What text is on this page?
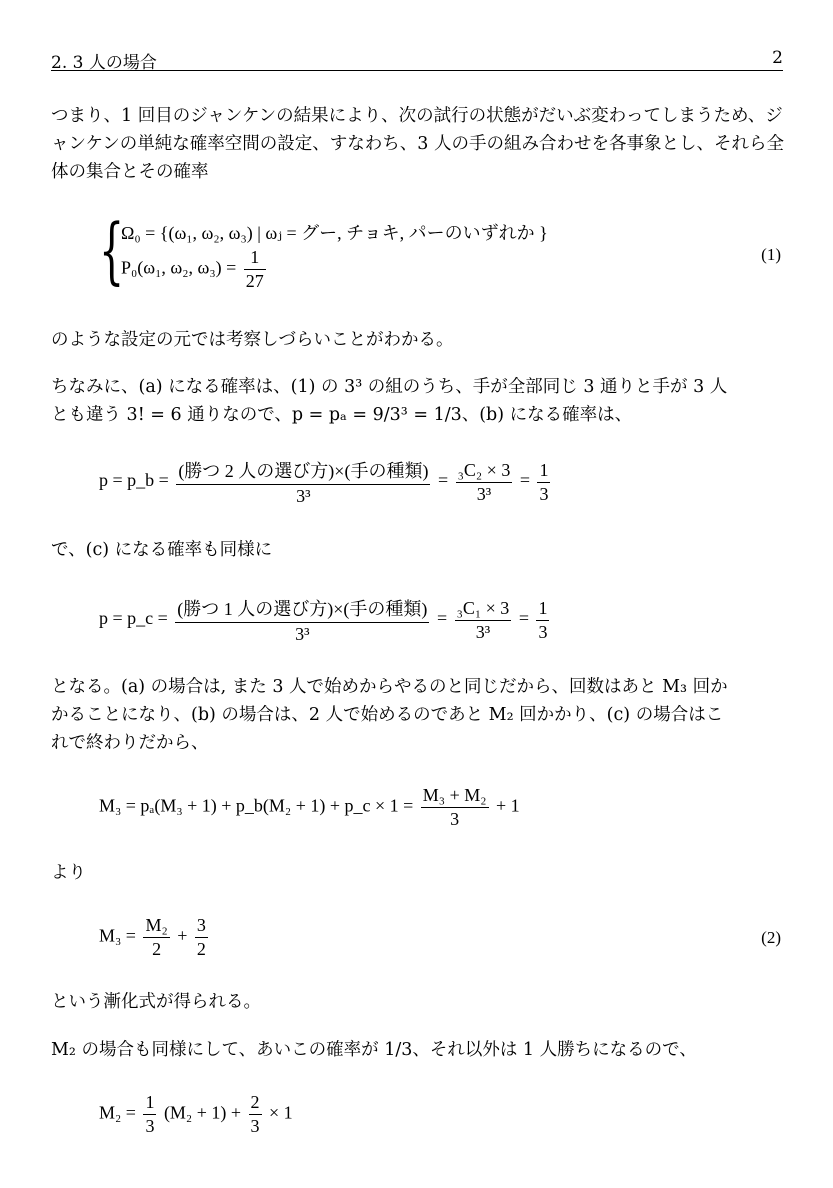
2. 3 人の場合	2
つまり、1 回目のジャンケンの結果により、次の試行の状態がだいぶ変わってしまうため、ジャンケンの単純な確率空間の設定、すなわち、3 人の手の組み合わせを各事象とし、それら全体の集合とその確率
{
Ω₀ = {(ω₁, ω₂, ω₃) | ωⱼ = グー, チョキ, パーのいずれか }
P₀(ω₁, ω₂, $\omega_3) = \frac{1}{27}$	(1)
のような設定の元では考察しづらいことがわかる。
ちなみに、(a) になる確率は、(1) の 3³ の組のうち、手が全部同じ 3 通りと手が 3 人
とも違う 3! = 6 通りなので、p = pₐ = 9/3³ = 1/3、(b) になる確率は、
p = p_b = $\frac{\text{(勝つ 2 人の選び方)×(手の種類)}}{\text{3³}} = \frac{\text{₃C₂ × 3}}{\text{3³}} = \frac{1}{3}$
で、(c) になる確率も同様に
p = p_c = $\frac{\text{(勝つ 1 人の選び方)×(手の種類)}}{\text{3³}} = \frac{\text{₃C₁ × 3}}{\text{3³}} = \frac{1}{3}$
となる。(a) の場合は, また 3 人で始めからやるのと同じだから、回数はあと M₃ 回か
かることになり、(b) の場合は、2 人で始めるのであと M₂ 回かかり、(c) の場合はこ
れで終わりだから、
M₃ = pₐ(M₃ + 1) + p_b(M₂ + 1) + p_c × $1 = \frac{\text{M₃ + M₂}}{3} + 1$
より
$M_3 = \frac{\text{M₂}}{2} + \frac{3}{2}$	(2)
という漸化式が得られる。
M₂ の場合も同様にして、あいこの確率が 1/3、それ以外は 1 人勝ちになるので、
$M_2 = \frac{1}{3} (M_2 + 1) + \frac{2}{3} \times 1$
